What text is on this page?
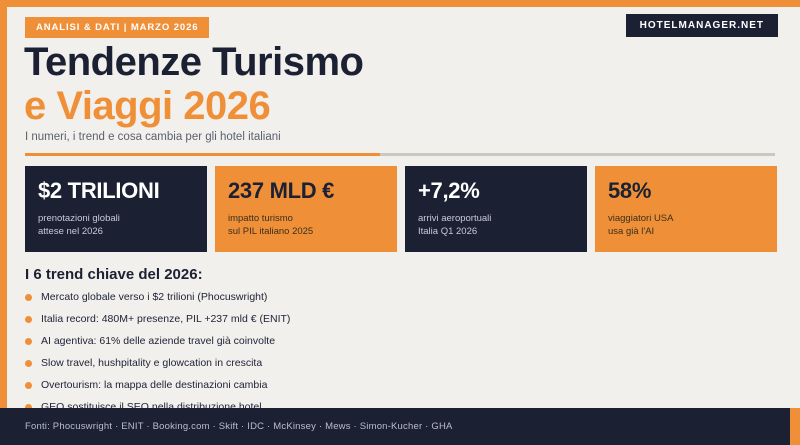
ANALISI & DATI | MARZO 2026	HOTELMANAGER.NET
Tendenze Turismo
e Viaggi 2026
I numeri, i trend e cosa cambia per gli hotel italiani
$2 TRILIONI
prenotazioni globali
attese nel 2026
237 MLD €
impatto turismo
sul PIL italiano 2025
+7,2%
arrivi aeroportuali
Italia Q1 2026
58%
viaggiatori USA
usa già l'AI
I 6 trend chiave del 2026:
Mercato globale verso i $2 trilioni (Phocuswright)
Italia record: 480M+ presenze, PIL +237 mld € (ENIT)
AI agentiva: 61% delle aziende travel già coinvolte
Slow travel, hushpitality e glowcation in crescita
Overtourism: la mappa delle destinazioni cambia
Fonti: Phocuswright · ENIT · Booking.com · Skift · IDC · McKinsey · Mews · Simon-Kucher · GHA
